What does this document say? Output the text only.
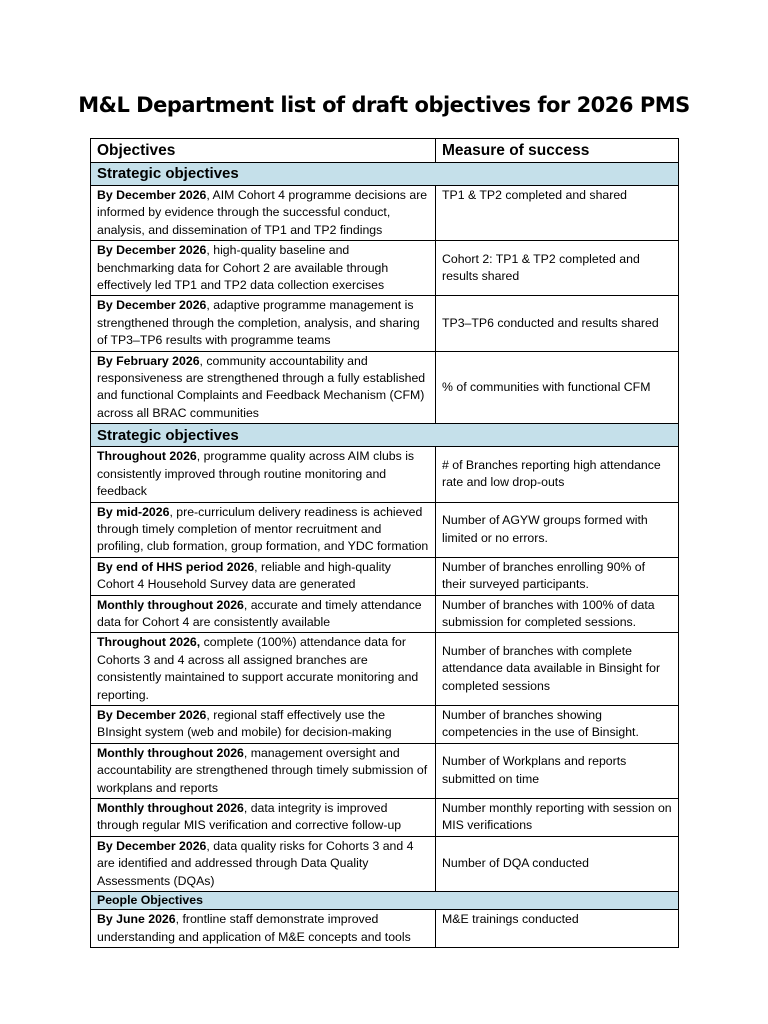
M&L Department list of draft objectives for 2026 PMS
Objectives	Measure of success
Strategic objectives	
By December 2026, AIM Cohort 4 programme decisions are informed by evidence through the successful conduct, analysis, and dissemination of TP1 and TP2 findings	TP1 & TP2 completed and shared
By December 2026, high-quality baseline and benchmarking data for Cohort 2 are available through effectively led TP1 and TP2 data collection exercises	Cohort 2: TP1 & TP2 completed and results shared
By December 2026, adaptive programme management is strengthened through the completion, analysis, and sharing of TP3–TP6 results with programme teams	TP3–TP6 conducted and results shared
By February 2026, community accountability and responsiveness are strengthened through a fully established and functional Complaints and Feedback Mechanism (CFM) across all BRAC communities	% of communities with functional CFM
Strategic objectives	
Throughout 2026, programme quality across AIM clubs is consistently improved through routine monitoring and feedback	# of Branches reporting high attendance rate and low drop-outs
By mid-2026, pre-curriculum delivery readiness is achieved through timely completion of mentor recruitment and profiling, club formation, group formation, and YDC formation	Number of AGYW groups formed with limited or no errors.
By end of HHS period 2026, reliable and high-quality Cohort 4 Household Survey data are generated	Number of branches enrolling 90% of their surveyed participants.
Monthly throughout 2026, accurate and timely attendance data for Cohort 4 are consistently available	Number of branches with 100% of data submission for completed sessions.
Throughout 2026, complete (100%) attendance data for Cohorts 3 and 4 across all assigned branches are consistently maintained to support accurate monitoring and reporting.	Number of branches with complete attendance data available in Binsight for completed sessions
By December 2026, regional staff effectively use the BInsight system (web and mobile) for decision-making	Number of branches showing competencies in the use of Binsight.
Monthly throughout 2026, management oversight and accountability are strengthened through timely submission of workplans and reports	Number of Workplans and reports submitted on time
Monthly throughout 2026, data integrity is improved through regular MIS verification and corrective follow-up	Number monthly reporting with session on MIS verifications
By December 2026, data quality risks for Cohorts 3 and 4 are identified and addressed through Data Quality Assessments (DQAs)	Number of DQA conducted
People Objectives	
By June 2026, frontline staff demonstrate improved understanding and application of M&E concepts and tools	M&E trainings conducted
